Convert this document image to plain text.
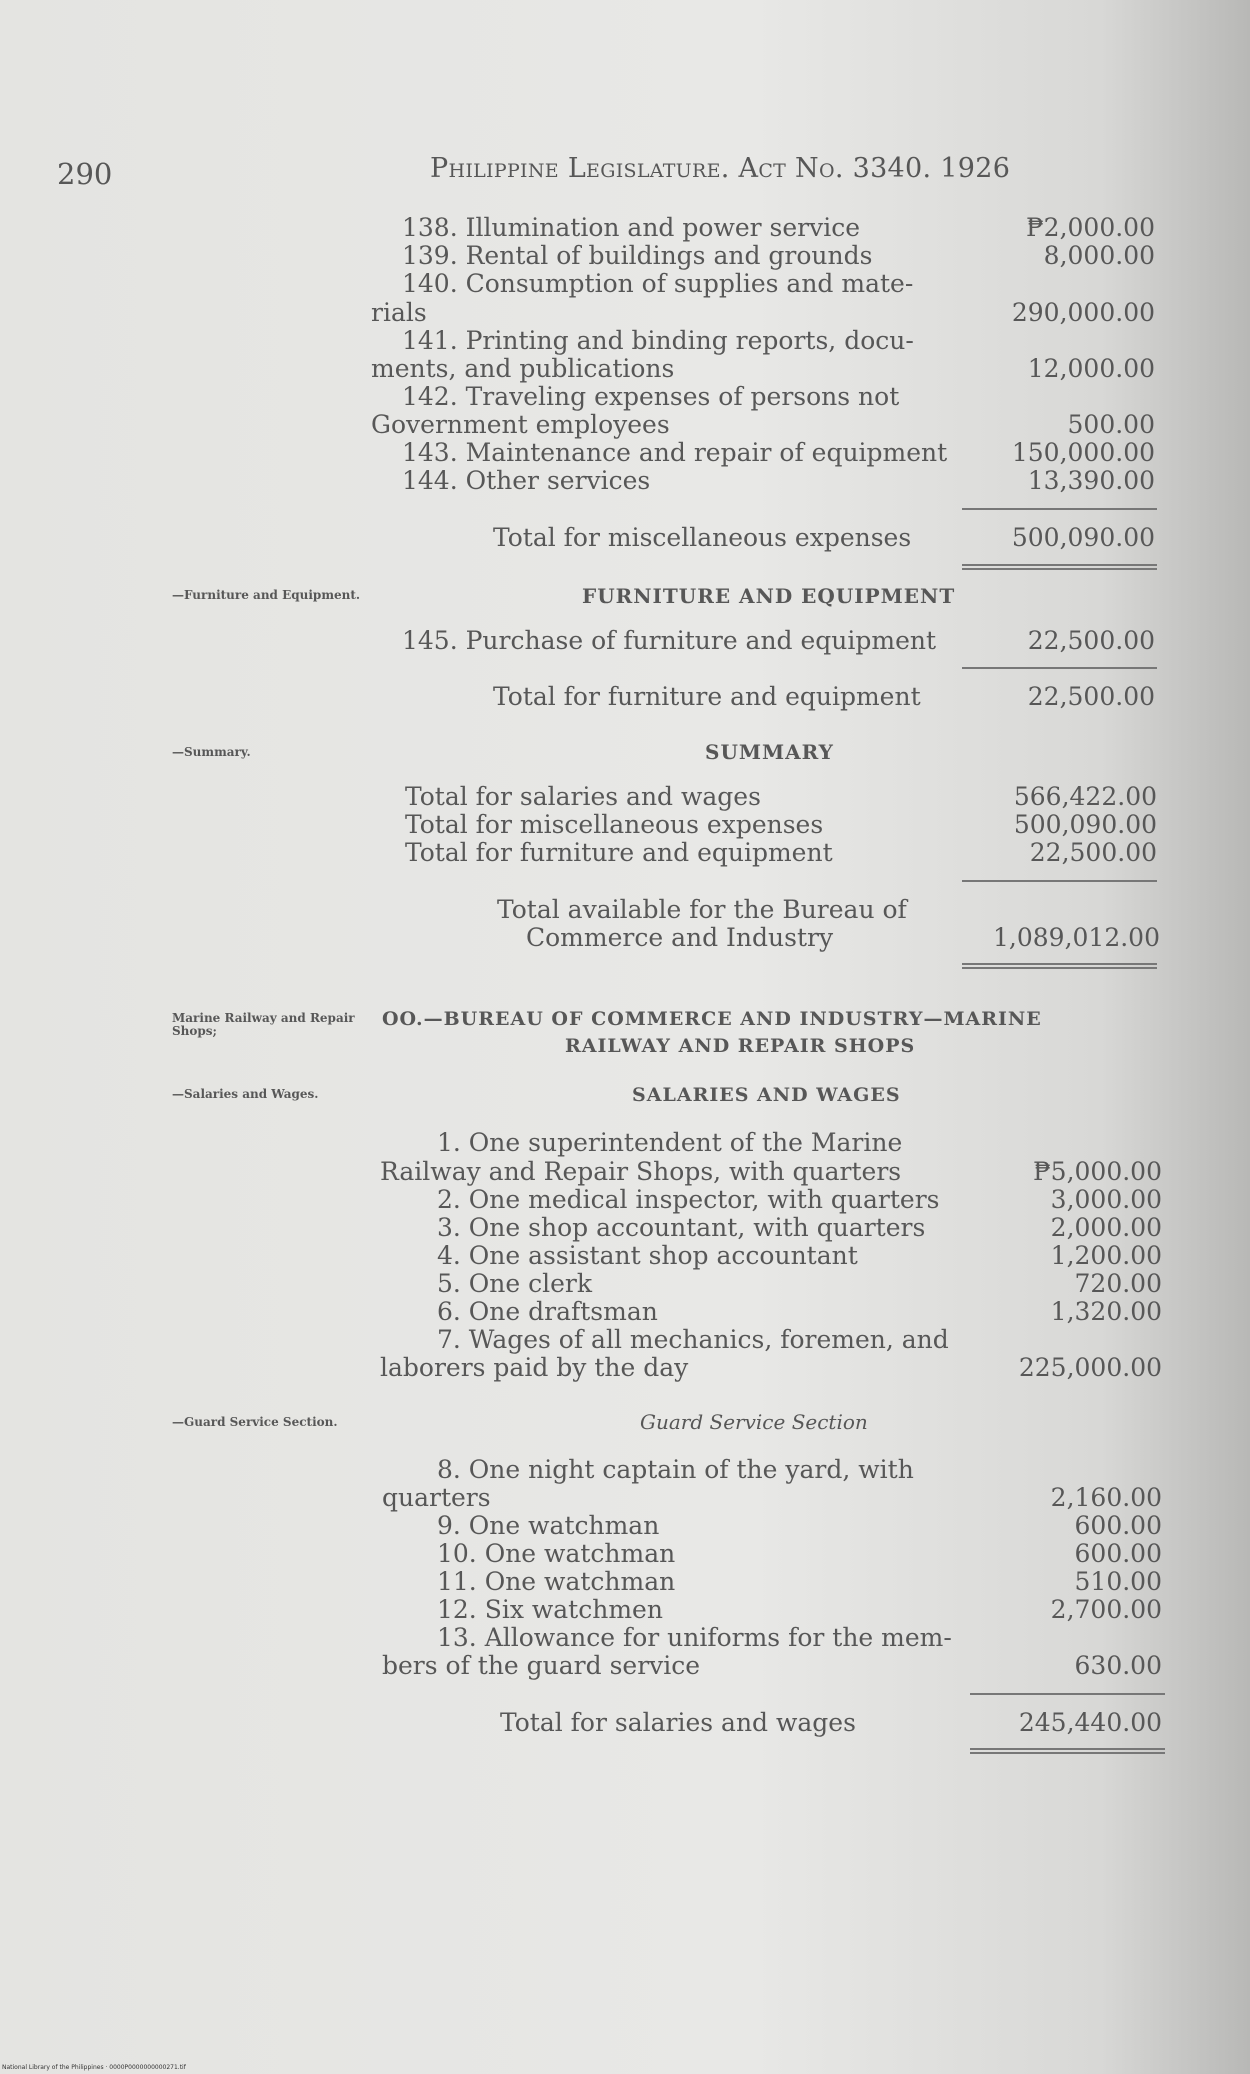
290	Philippine Legislature. Act No. 3340. 1926
138. Illumination and power service	₱2,000.00
139. Rental of buildings and grounds	8,000.00
140. Consumption of supplies and mate-
rials	290,000.00
141. Printing and binding reports, docu-
ments, and publications	12,000.00
142. Traveling expenses of persons not
Government employees	500.00
143. Maintenance and repair of equipment	150,000.00
144. Other services	13,390.00
Total for miscellaneous expenses	500,090.00
—Furniture and Equipment.	FURNITURE AND EQUIPMENT
145. Purchase of furniture and equipment	22,500.00
Total for furniture and equipment	22,500.00
—Summary.	SUMMARY
Total for salaries and wages	566,422.00
Total for miscellaneous expenses	500,090.00
Total for furniture and equipment	22,500.00
Total available for the Bureau of
Commerce and Industry	1,089,012.00
Marine Railway and Repair Shops;
OO.—BUREAU OF COMMERCE AND INDUSTRY—MARINE
RAILWAY AND REPAIR SHOPS
—Salaries and Wages.	SALARIES AND WAGES
1. One superintendent of the Marine
Railway and Repair Shops, with quarters	₱5,000.00
2. One medical inspector, with quarters	3,000.00
3. One shop accountant, with quarters	2,000.00
4. One assistant shop accountant	1,200.00
5. One clerk	720.00
6. One draftsman	1,320.00
7. Wages of all mechanics, foremen, and
laborers paid by the day	225,000.00
—Guard Service Section.	Guard Service Section
8. One night captain of the yard, with
quarters	2,160.00
9. One watchman	600.00
10. One watchman	600.00
11. One watchman	510.00
12. Six watchmen	2,700.00
13. Allowance for uniforms for the mem-
bers of the guard service	630.00
Total for salaries and wages	245,440.00
National Library of the Philippines · 0000P0000000000271.tif
